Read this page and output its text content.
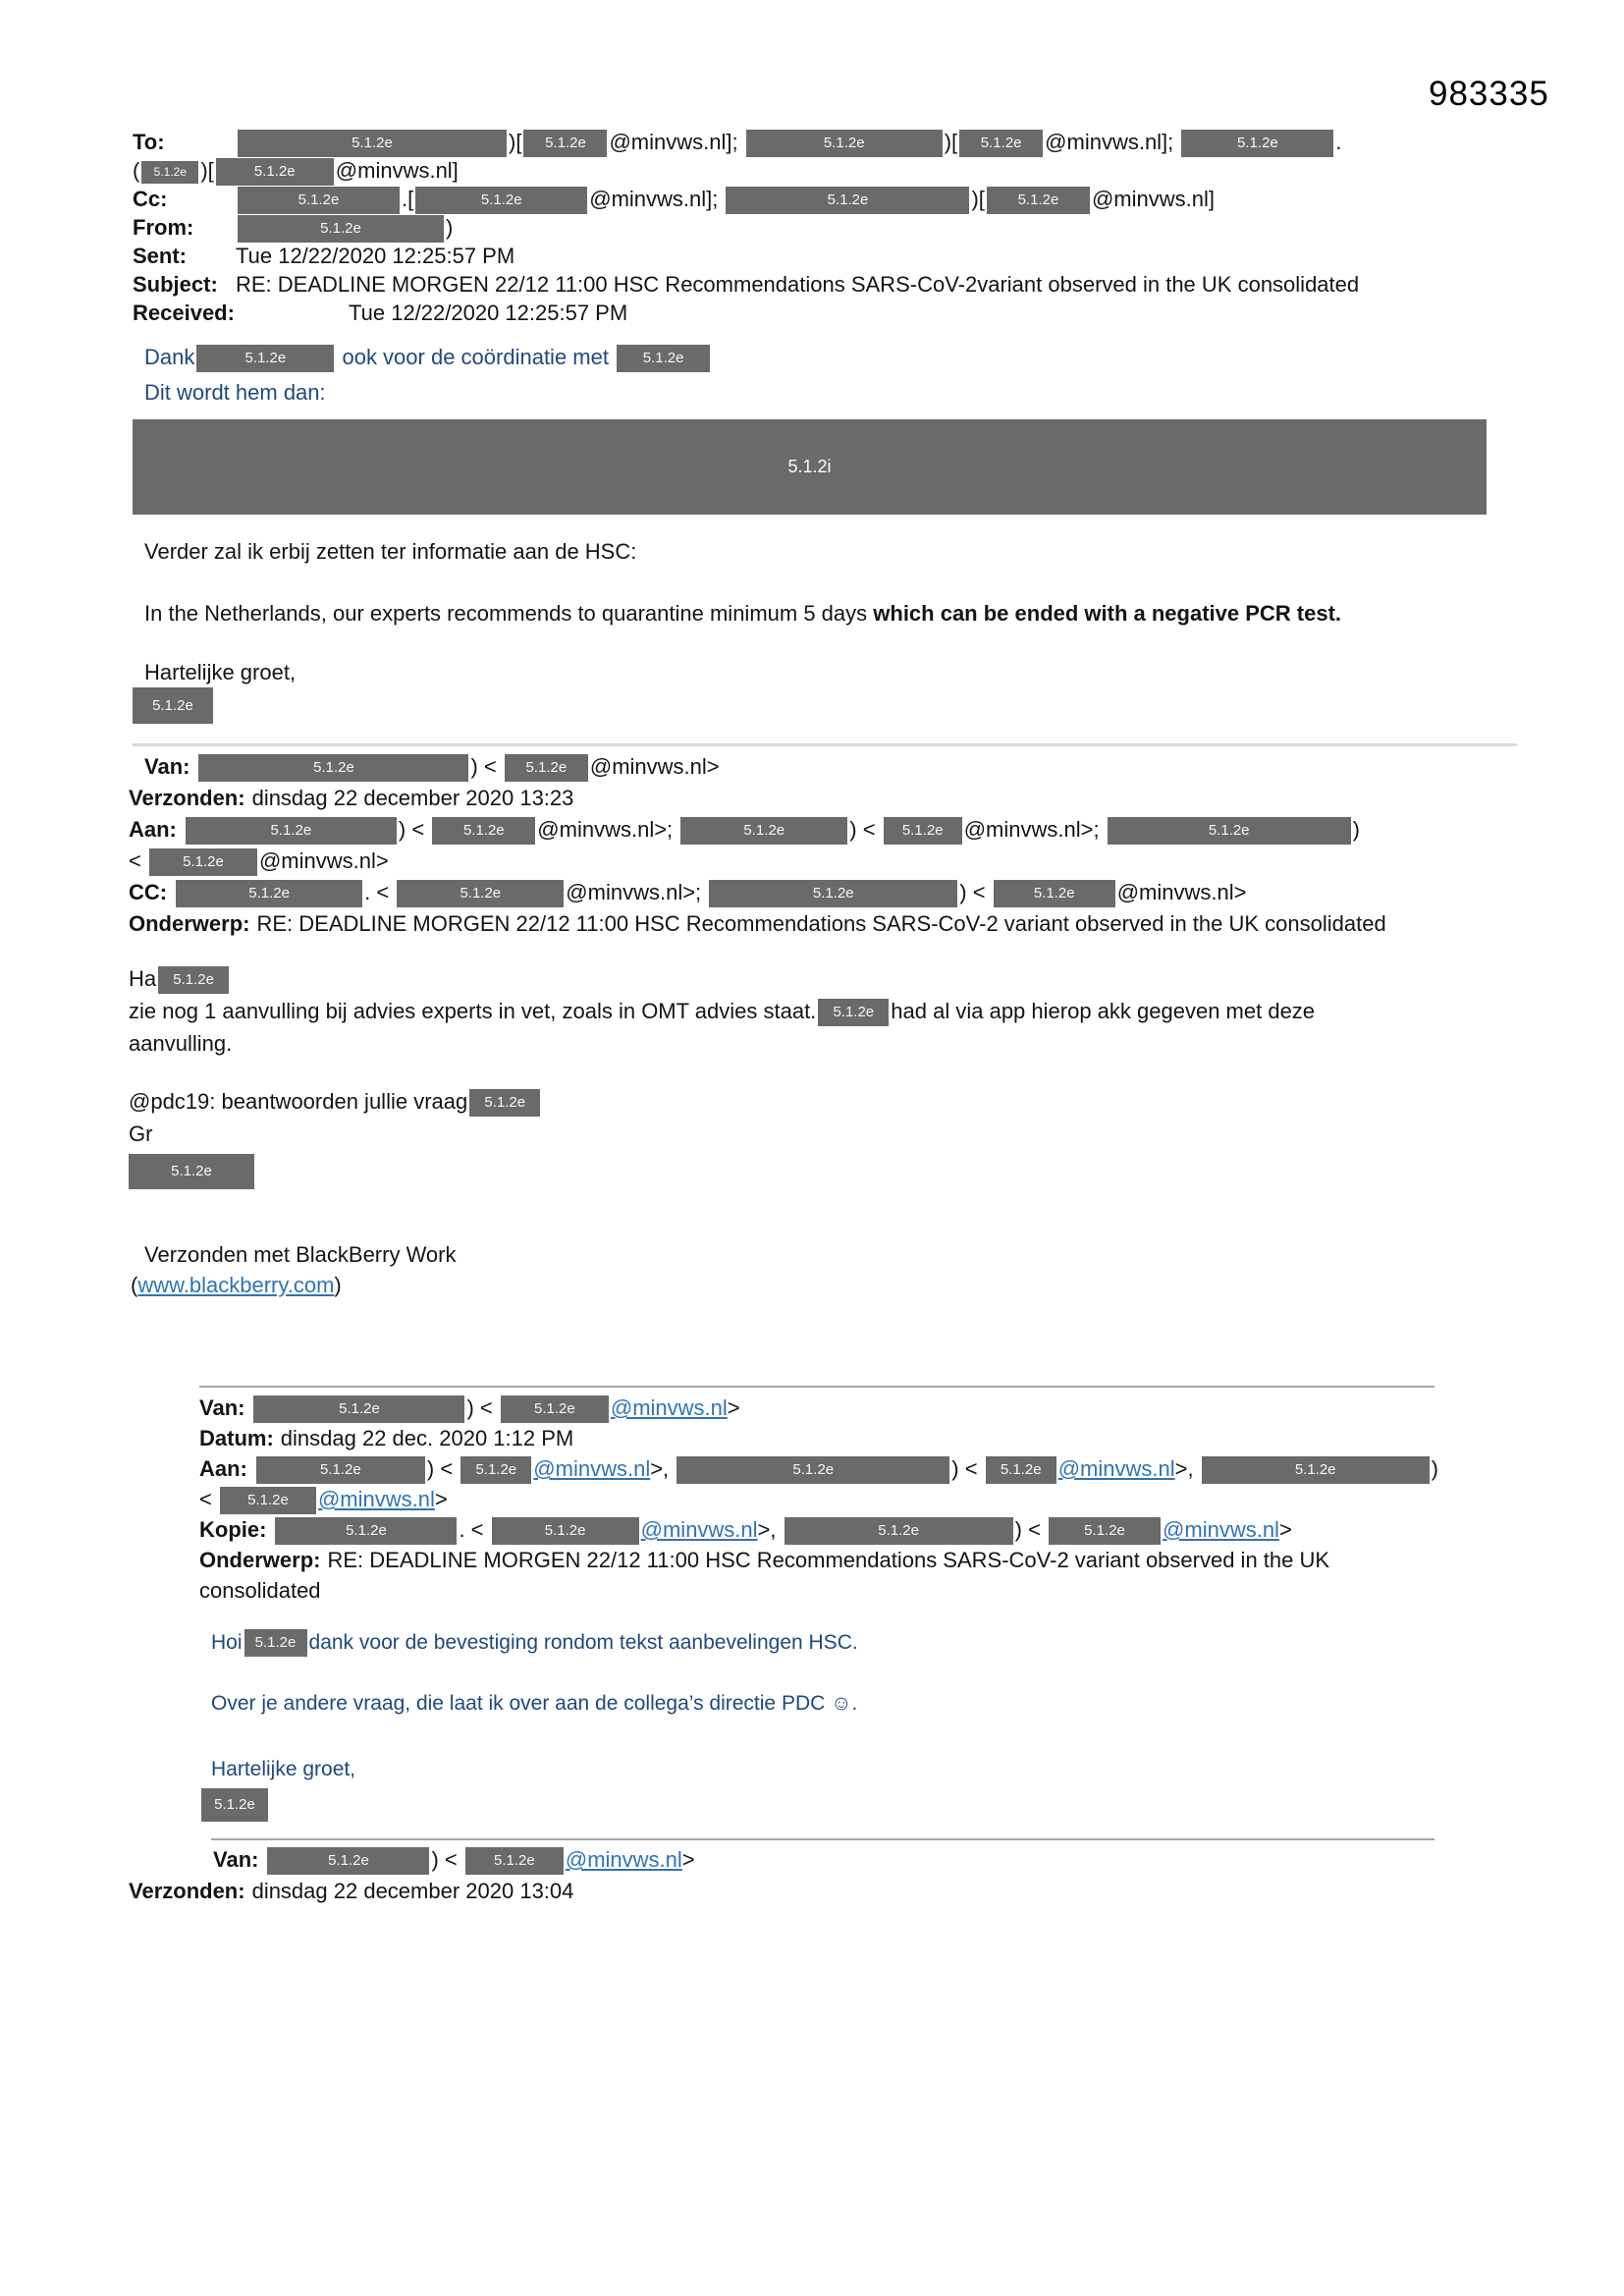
983335
To:	5.1.2e	)[ 5.1.2e @minvws.nl];	5.1.2e	)[ 5.1.2e @minvws.nl];	5.1.2e	.
( 5.1.2e )[	5.1.2e @minvws.nl]
Cc:	5.1.2e	.[	5.1.2e	@minvws.nl];	5.1.2e	)[ 5.1.2e @minvws.nl]
From:	5.1.2e	)
Sent: Tue 12/22/2020 12:25:57 PM
Subject: RE: DEADLINE MORGEN 22/12 11:00 HSC Recommendations SARS-CoV-2variant observed in the UK consolidated
Received:	Tue 12/22/2020 12:25:57 PM
Dank	5.1.2e ook voor de coördinatie met 5.1.2e
Dit wordt hem dan:
5.1.2i
Verder zal ik erbij zetten ter informatie aan de HSC:
In the Netherlands, our experts recommends to quarantine minimum 5 days which can be ended with a negative PCR test.
Hartelijke groet,
5.1.2e
Van:	5.1.2e	) < 5.1.2e @minvws.nl>
Verzonden: dinsdag 22 december 2020 13:23
Aan:	5.1.2e	) < 5.1.2e @minvws.nl>;	5.1.2e	) < 5.1.2e @minvws.nl>;	5.1.2e	)
< 5.1.2e @minvws.nl>
CC:	5.1.2e	. <	5.1.2e	@minvws.nl>;	5.1.2e	) <	5.1.2e @minvws.nl>
Onderwerp: RE: DEADLINE MORGEN 22/12 11:00 HSC Recommendations SARS-CoV-2 variant observed in the UK consolidated
Ha 5.1.2e
zie nog 1 aanvulling bij advies experts in vet, zoals in OMT advies staat. 5.1.2e had al via app hierop akk gegeven met deze
aanvulling.
@pdc19: beantwoorden jullie vraag 5.1.2e
Gr
5.1.2e
Verzonden met BlackBerry Work
(www.blackberry.com)
Van:	5.1.2e	) < 5.1.2e @minvws.nl>
Datum: dinsdag 22 dec. 2020 1:12 PM
Aan:	5.1.2e	) < 5.1.2e @minvws.nl>,	5.1.2e	) < 5.1.2e @minvws.nl>,	5.1.2e	)
< 5.1.2e @minvws.nl>
Kopie:	5.1.2e	. <	5.1.2e	@minvws.nl>,	5.1.2e	) <	5.1.2e @minvws.nl>
Onderwerp: RE: DEADLINE MORGEN 22/12 11:00 HSC Recommendations SARS-CoV-2 variant observed in the UK
consolidated
Hoi 5.1.2e dank voor de bevestiging rondom tekst aanbevelingen HSC.
Over je andere vraag, die laat ik over aan de collega’s directie PDC ☺.
Hartelijke groet,
5.1.2e
Van:	5.1.2e	) < 5.1.2e @minvws.nl>
Verzonden: dinsdag 22 december 2020 13:04
